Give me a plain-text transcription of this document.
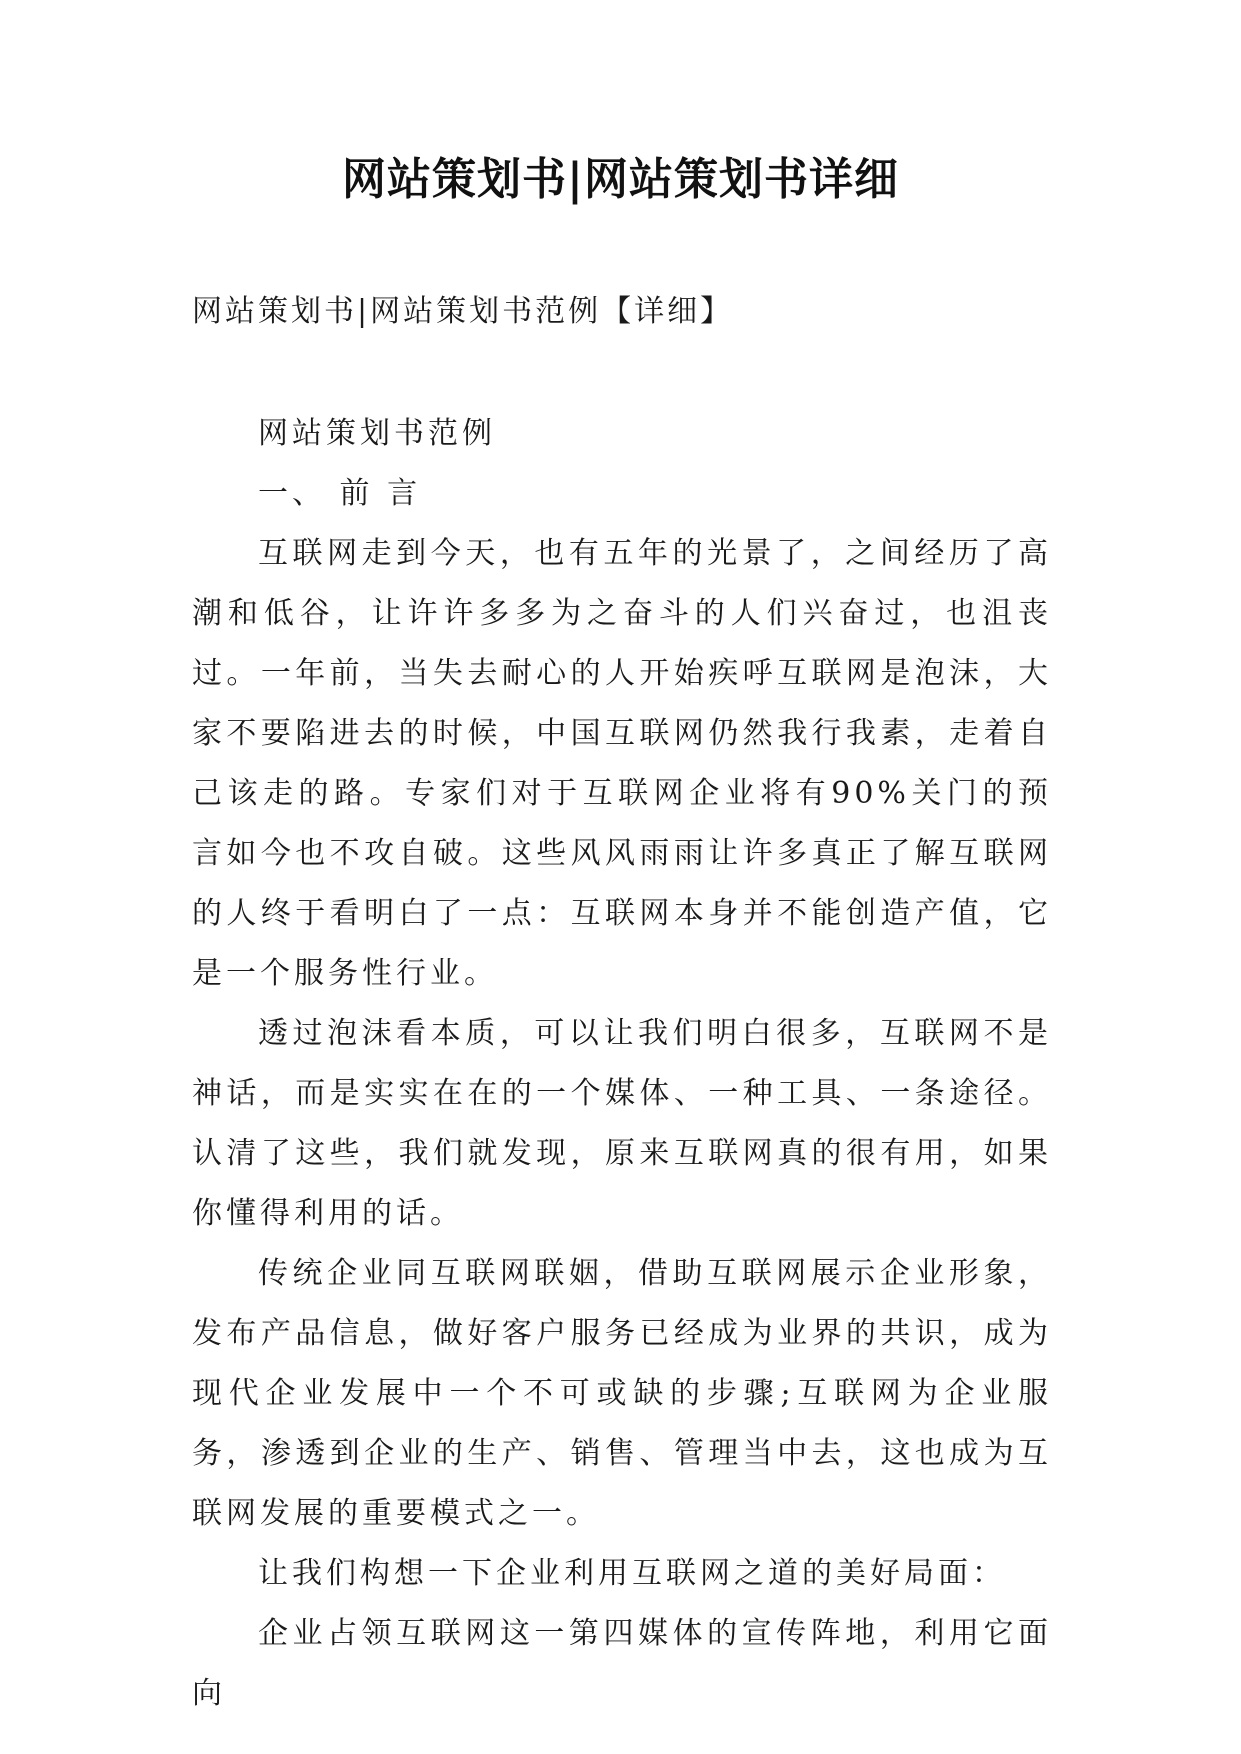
网站策划书|网站策划书详细
网站策划书|网站策划书范例【详细】

网站策划书范例

一、 前 言

互联网走到今天，也有五年的光景了，之间经历了高潮和低谷，让许许多多为之奋斗的人们兴奋过，也沮丧过。一年前，当失去耐心的人开始疾呼互联网是泡沫，大家不要陷进去的时候，中国互联网仍然我行我素，走着自己该走的路。专家们对于互联网企业将有90%关门的预言如今也不攻自破。这些风风雨雨让许多真正了解互联网的人终于看明白了一点：互联网本身并不能创造产值，它是一个服务性行业。

透过泡沫看本质，可以让我们明白很多，互联网不是神话，而是实实在在的一个媒体、一种工具、一条途径。认清了这些，我们就发现，原来互联网真的很有用，如果你懂得利用的话。

传统企业同互联网联姻，借助互联网展示企业形象，发布产品信息，做好客户服务已经成为业界的共识，成为现代企业发展中一个不可或缺的步骤;互联网为企业服务，渗透到企业的生产、销售、管理当中去，这也成为互联网发展的重要模式之一。

让我们构想一下企业利用互联网之道的美好局面：

企业占领互联网这一第四媒体的宣传阵地，利用它面向
